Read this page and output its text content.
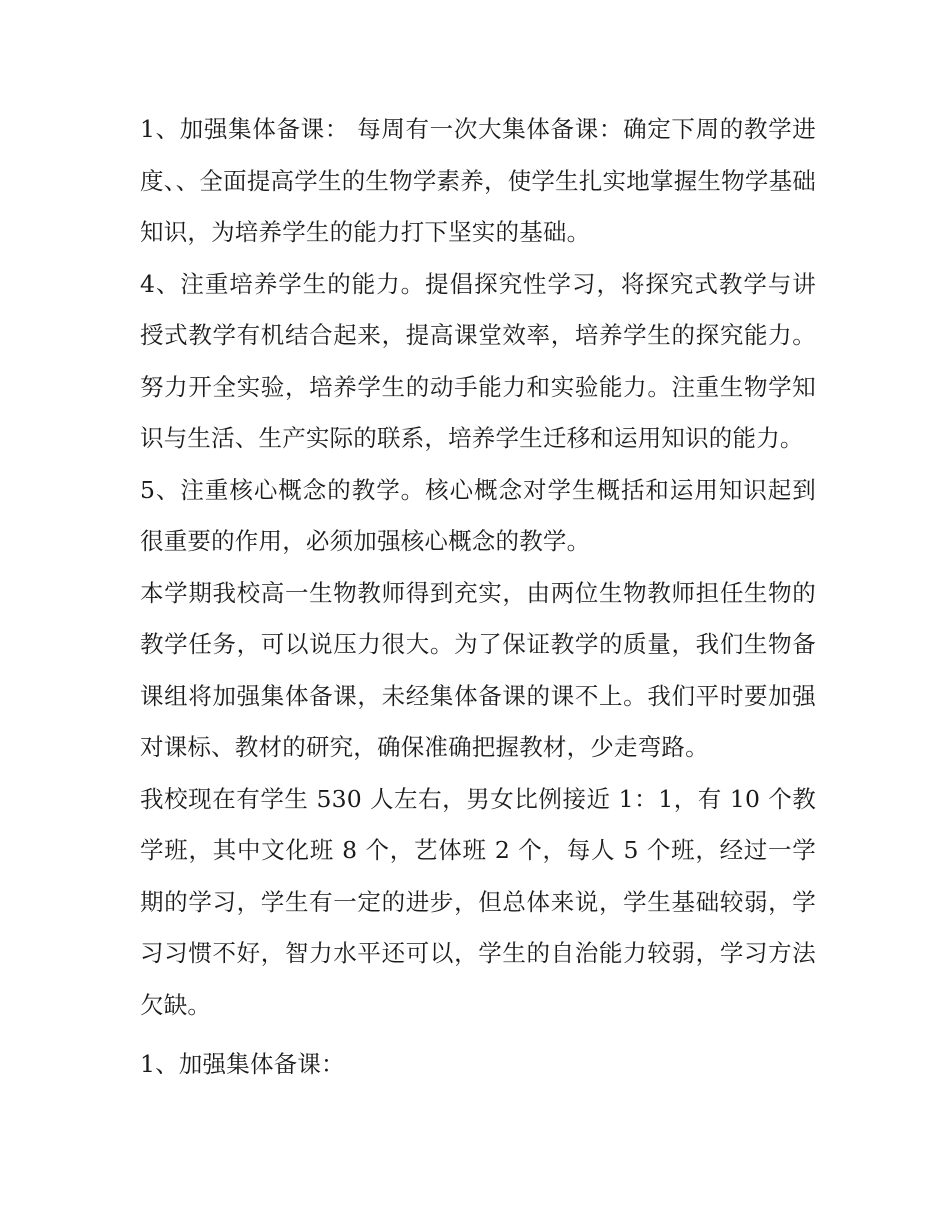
1、加强集体备课： 每周有一次大集体备课：确定下周的教学进度、、全面提高学生的生物学素养，使学生扎实地掌握生物学基础知识，为培养学生的能力打下坚实的基础。

4、注重培养学生的能力。提倡探究性学习，将探究式教学与讲授式教学有机结合起来，提高课堂效率，培养学生的探究能力。努力开全实验，培养学生的动手能力和实验能力。注重生物学知识与生活、生产实际的联系，培养学生迁移和运用知识的能力。

5、注重核心概念的教学。核心概念对学生概括和运用知识起到很重要的作用，必须加强核心概念的教学。

本学期我校高一生物教师得到充实，由两位生物教师担任生物的教学任务，可以说压力很大。为了保证教学的质量，我们生物备课组将加强集体备课，未经集体备课的课不上。我们平时要加强对课标、教材的研究，确保准确把握教材，少走弯路。

我校现在有学生 530 人左右，男女比例接近 1：1，有 10 个教学班，其中文化班 8 个，艺体班 2 个，每人 5 个班，经过一学期的学习，学生有一定的进步，但总体来说，学生基础较弱，学习习惯不好，智力水平还可以，学生的自治能力较弱，学习方法欠缺。

1、加强集体备课：
